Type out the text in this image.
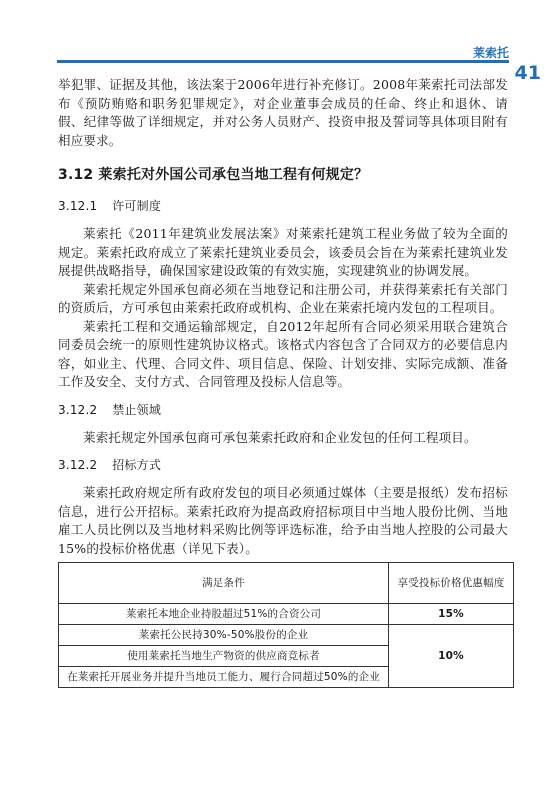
莱索托
41

举犯罪、证据及其他，该法案于2006年进行补充修订。2008年莱索托司法部发布《预防贿赂和职务犯罪规定》，对企业董事会成员的任命、终止和退休、请假、纪律等做了详细规定，并对公务人员财产、投资申报及誓词等具体项目附有相应要求。

3.12 莱索托对外国公司承包当地工程有何规定？
3.12.1 许可制度

莱索托《2011年建筑业发展法案》对莱索托建筑工程业务做了较为全面的规定。莱索托政府成立了莱索托建筑业委员会，该委员会旨在为莱索托建筑业发展提供战略指导，确保国家建设政策的有效实施，实现建筑业的协调发展。

莱索托规定外国承包商必须在当地登记和注册公司，并获得莱索托有关部门的资质后，方可承包由莱索托政府或机构、企业在莱索托境内发包的工程项目。

莱索托工程和交通运输部规定，自2012年起所有合同必须采用联合建筑合同委员会统一的原则性建筑协议格式。该格式内容包含了合同双方的必要信息内容，如业主、代理、合同文件、项目信息、保险、计划安排、实际完成额、准备工作及安全、支付方式、合同管理及投标人信息等。

3.12.2 禁止领域

莱索托规定外国承包商可承包莱索托政府和企业发包的任何工程项目。

3.12.2 招标方式

莱索托政府规定所有政府发包的项目必须通过媒体（主要是报纸）发布招标信息，进行公开招标。莱索托政府为提高政府招标项目中当地人股份比例、当地雇工人员比例以及当地材料采购比例等评选标准，给予由当地人控股的公司最大15%的投标价格优惠（详见下表）。

满足条件	享受投标价格优惠幅度
莱索托本地企业持股超过51%的合资公司	15%
莱索托公民持30%-50%股份的企业	10%
使用莱索托当地生产物资的供应商竞标者	
在莱索托开展业务并提升当地员工能力、履行合同超过50%的企业	
